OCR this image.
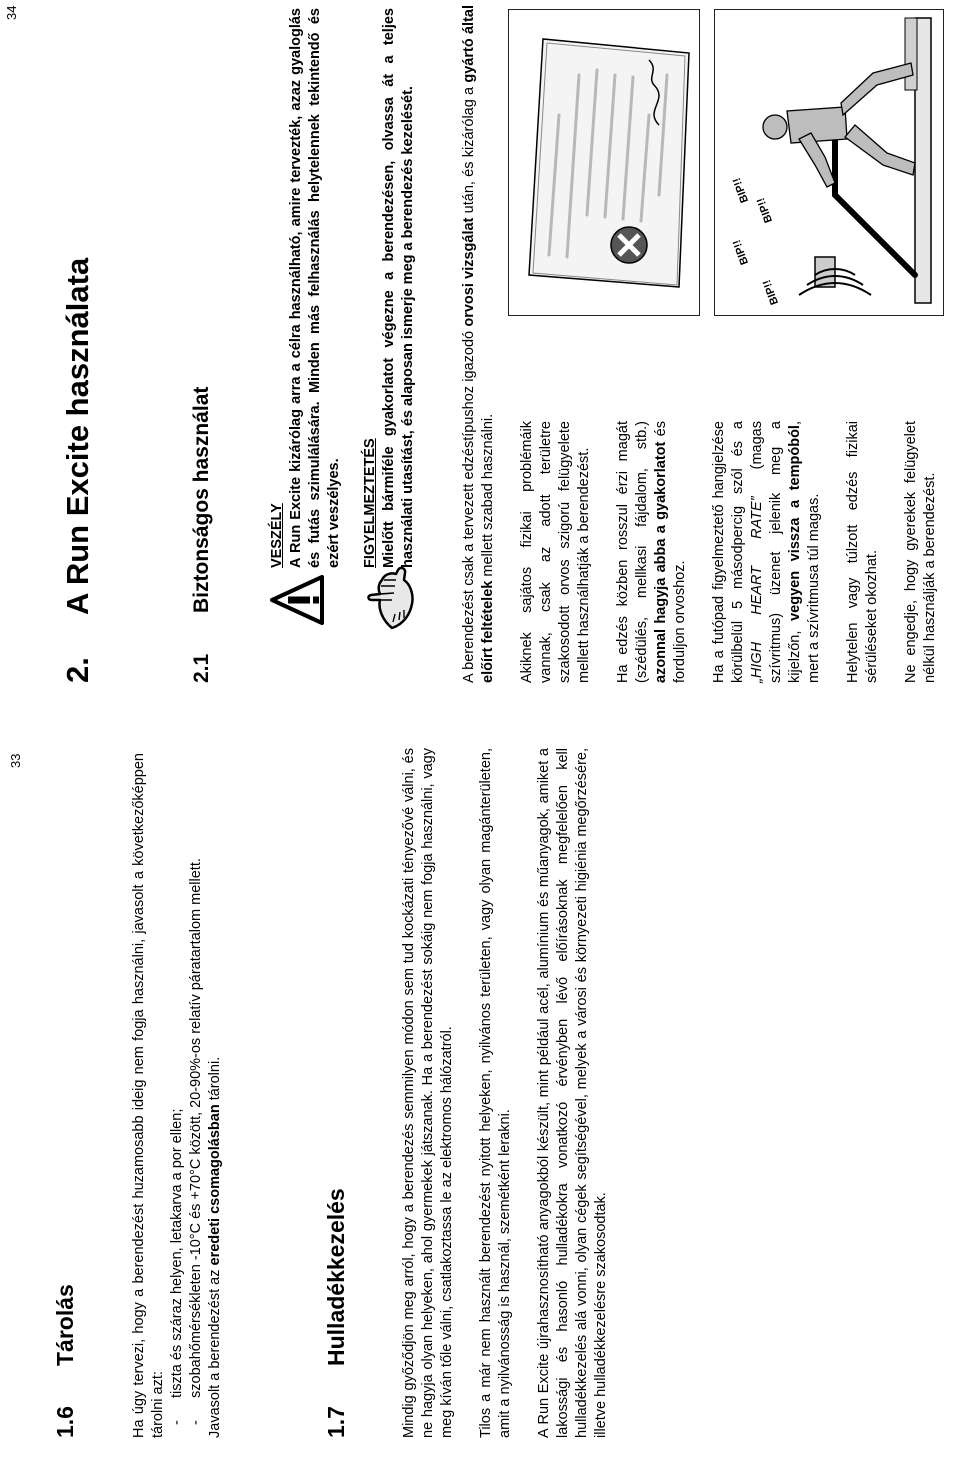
33
1.6Tárolás	Ha úgy tervezi, hogy a berendezést huzamosabb ideig nem fogja használni, javasolt a következőképpen tárolni azt:
- tiszta és száraz helyen, letakarva a por ellen;
- szobahőmérsékleten -10°C és +70°C között, 20-90%-os relatív páratartalom mellett. Javasolt a berendezést az eredeti csomagolásban tárolni.
1.7Hulladékkezelés	Mindig győződjön meg arról, hogy a berendezés semmilyen módon sem tud kockázati tényezővé válni, és ne hagyja olyan helyeken, ahol gyermekek játszanak. Ha a berendezést sokáig nem fogja használni, vagy meg kíván tőle válni, csatlakoztassa le az elektromos hálózatról. Tilos a már nem használt berendezést nyitott helyeken, nyilvános területen, vagy olyan magánterületen, amit a nyilvánosság is használ, szemétként lerakni. A Run Excite újrahasznosítható anyagokból készült, mint például acél, alumínium és műanyagok, amiket a lakossági és hasonló hulladékokra vonatkozó érvényben lévő előírásoknak megfelelően kell hulladékkezelés alá vonni, olyan cégek segítségével, melyek a városi és környezeti higiénia megőrzésére, illetve hulladékkezelésre szakosodtak.
34
2.A Run Excite használata
2.1Biztonságos használat	VESZÉLY A Run Excite kizárólag arra a célra használható, amire tervezték, azaz gyaloglás és futás szimulálására. Minden más felhasználás helytelennek tekintendő és ezért veszélyes. FIGYELMEZTETÉS Mielőtt bármiféle gyakorlatot végezne a berendezésen, olvassa át a teljes használati utasítást, és alaposan ismerje meg a berendezés kezelését.	A berendezést csak a tervezett edzéstípushoz igazodó orvosi vizsgálat után, és kizárólag a gyártó által előírt feltételek mellett szabad használni. Akiknek sajátos fizikai problémáik vannak, csak az adott területre szakosodott orvos szigorú felügyelete mellett használhatják a berendezést. Ha edzés közben rosszul érzi magát (szédülés, mellkasi fájdalom, stb.) azonnal hagyja abba a gyakorlatot és forduljon orvoshoz. Ha a futópad figyelmeztető hangjelzése körülbelül 5 másodpercig szól és a „HIGH HEART RATE” (magas szívritmus) üzenet jelenik meg a kijelzőn, vegyen vissza a tempóból, mert a szívritmusa túl magas. Helytelen vagy túlzott edzés fizikai sérüléseket okozhat. Ne engedje, hogy gyerekek felügyelet nélkül használják a berendezést.
BIP!!
BIP!!
BIP!!
BIP!!
